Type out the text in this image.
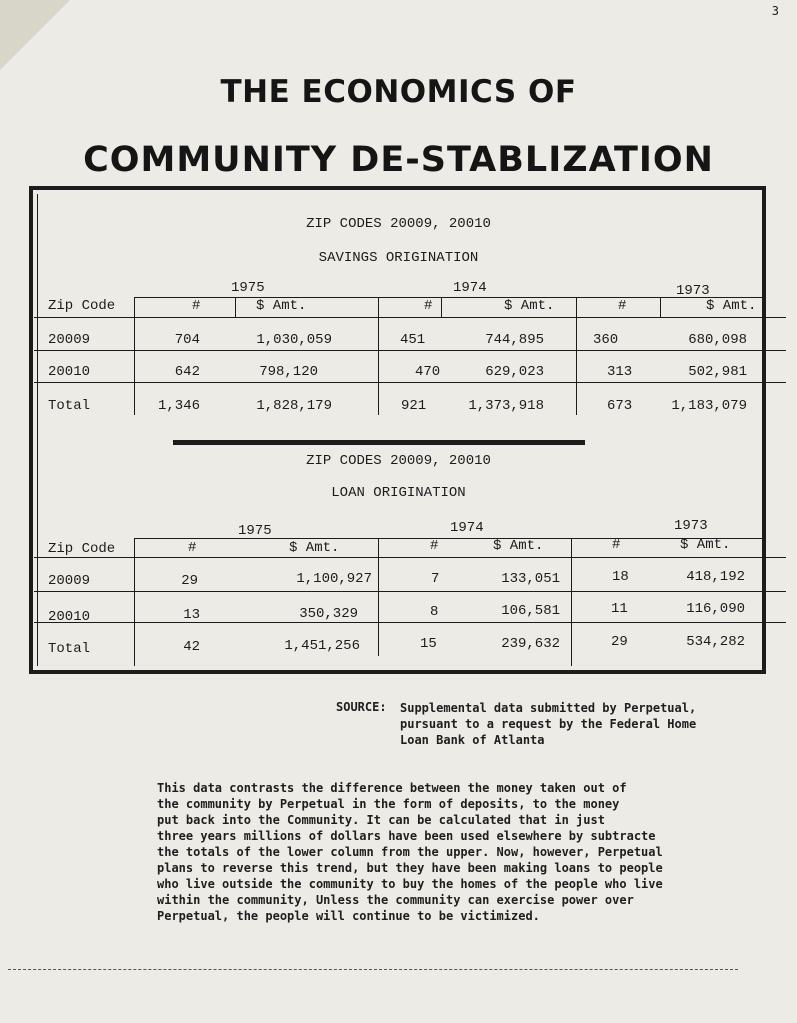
3
THE ECONOMICS OF
COMMUNITY DE-STABLIZATION
ZIP CODES 20009, 20010
SAVINGS ORIGINATION
1975	1974	1973
Zip Code	#	$ Amt.	#	$ Amt.	#	$ Amt.
20009	704	1,030,059	451	744,895	360	680,098
20010	642	798,120	470	629,023	313	502,981
Total	1,346	1,828,179	921	1,373,918	673	1,183,079
ZIP CODES 20009, 20010
LOAN ORIGINATION
1975	1974	1973
Zip Code	#	$ Amt.	#	$ Amt.	#	$ Amt.
20009	29	1,100,927	7	133,051	18	418,192
20010	13	350,329	8	106,581	11	116,090
Total	42	1,451,256	15	239,632	29	534,282
SOURCE: Supplemental data submitted by Perpetual,
pursuant to a request by the Federal Home
Loan Bank of Atlanta
This data contrasts the difference between the money taken out of
the community by Perpetual in the form of deposits, to the money
put back into the Community. It can be calculated that in just
three years millions of dollars have been used elsewhere by subtracte
the totals of the lower column from the upper. Now, however, Perpetual
plans to reverse this trend, but they have been making loans to people
who live outside the community to buy the homes of the people who live
within the community, Unless the community can exercise power over
Perpetual, the people will continue to be victimized.
